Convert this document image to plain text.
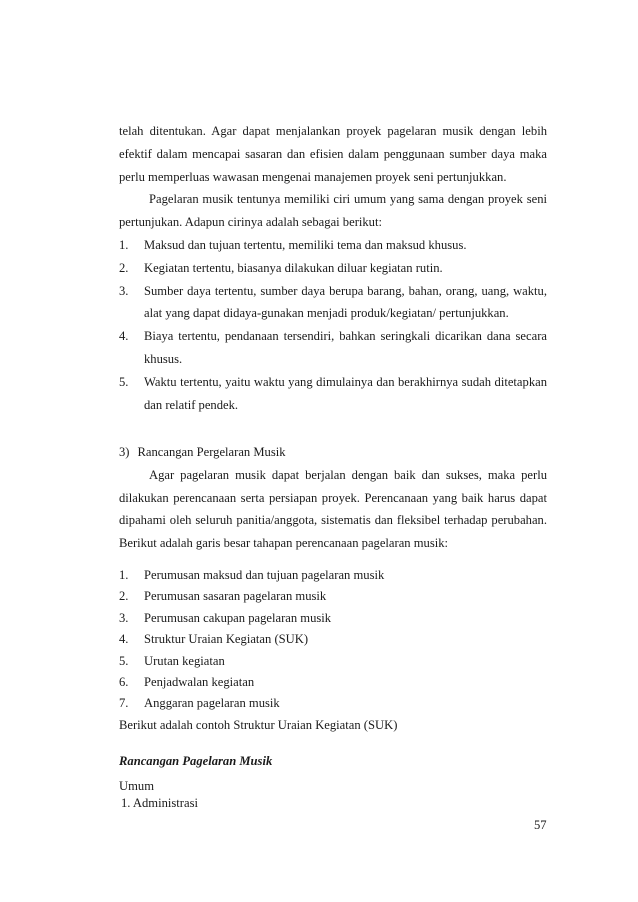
telah ditentukan. Agar dapat menjalankan proyek pagelaran musik dengan lebih efektif dalam mencapai sasaran dan efisien dalam penggunaan sumber daya maka perlu memperluas wawasan mengenai manajemen proyek seni pertunjukkan.

Pagelaran musik tentunya memiliki ciri umum yang sama dengan proyek seni pertunjukan. Adapun cirinya adalah sebagai berikut:

1. Maksud dan tujuan tertentu, memiliki tema dan maksud khusus.
2. Kegiatan tertentu, biasanya dilakukan diluar kegiatan rutin.
3. Sumber daya tertentu, sumber daya berupa barang, bahan, orang, uang, waktu, alat yang dapat didaya-gunakan menjadi produk/kegiatan/ pertunjukkan.
4. Biaya tertentu, pendanaan tersendiri, bahkan seringkali dicarikan dana secara khusus.
5. Waktu tertentu, yaitu waktu yang dimulainya dan berakhirnya sudah ditetapkan dan relatif pendek.

3) Rancangan Pergelaran Musik

Agar pagelaran musik dapat berjalan dengan baik dan sukses, maka perlu dilakukan perencanaan serta persiapan proyek. Perencanaan yang baik harus dapat dipahami oleh seluruh panitia/anggota, sistematis dan fleksibel terhadap perubahan. Berikut adalah garis besar tahapan perencanaan pagelaran musik:

1. Perumusan maksud dan tujuan pagelaran musik
2. Perumusan sasaran pagelaran musik
3. Perumusan cakupan pagelaran musik
4. Struktur Uraian Kegiatan (SUK)
5. Urutan kegiatan
6. Penjadwalan kegiatan
7. Anggaran pagelaran musik

Berikut adalah contoh Struktur Uraian Kegiatan (SUK)

Rancangan Pagelaran Musik

Umum

1. Administrasi

57
